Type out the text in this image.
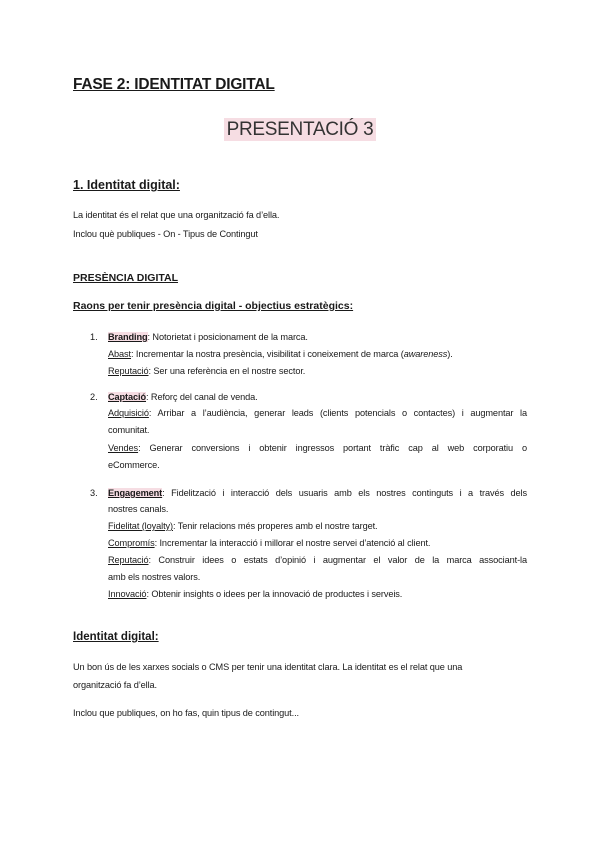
FASE 2: IDENTITAT DIGITAL
PRESENTACIÓ 3
1. Identitat digital:
La identitat és el relat que una organització fa d’ella.
Inclou què publiques - On - Tipus de Contingut
PRESÈNCIA DIGITAL
Raons per tenir presència digital - objectius estratègics:
1. Branding: Notorietat i posicionament de la marca.
Abast: Incrementar la nostra presència, visibilitat i coneixement de marca (awareness).
Reputació: Ser una referència en el nostre sector.
2. Captació: Reforç del canal de venda.
Adquisició: Arribar a l’audiència, generar leads (clients potencials o contactes) i augmentar la
comunitat.
Vendes: Generar conversions i obtenir ingressos portant tràfic cap al web corporatiu o
eCommerce.
3. Engagement: Fidelització i interacció dels usuaris amb els nostres continguts i a través dels
nostres canals.
Fidelitat (loyalty): Tenir relacions més properes amb el nostre target.
Compromís: Incrementar la interacció i millorar el nostre servei d’atenció al client.
Reputació: Construir idees o estats d’opinió i augmentar el valor de la marca associant-la
amb els nostres valors.
Innovació: Obtenir insights o idees per la innovació de productes i serveis.
Identitat digital:
Un bon ús de les xarxes socials o CMS per tenir una identitat clara. La identitat es el relat que una
organització fa d’ella.
Inclou que publiques, on ho fas, quin tipus de contingut...
